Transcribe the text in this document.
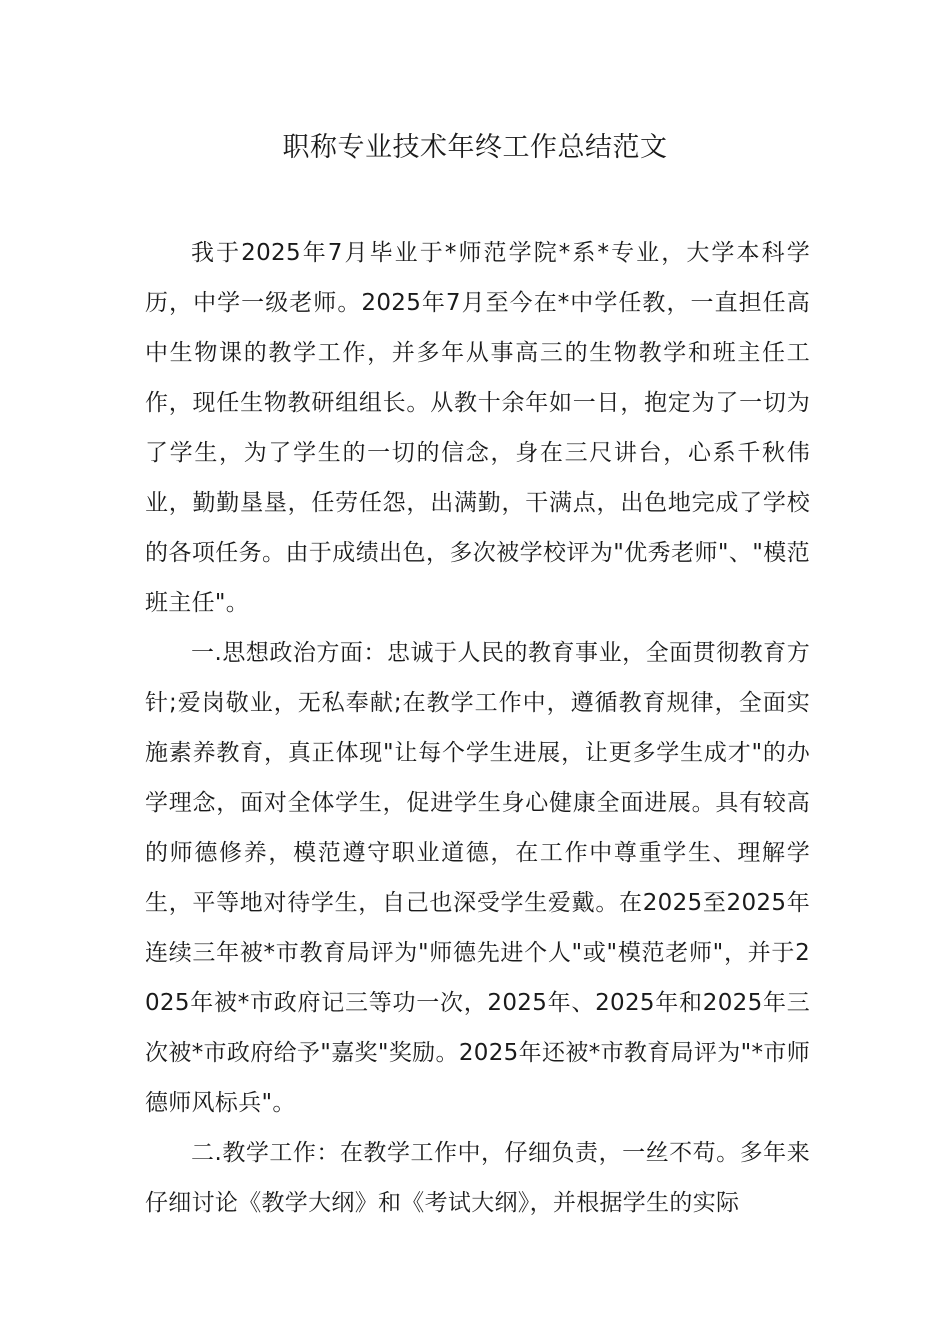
职称专业技术年终工作总结范文

我于2025年7月毕业于*师范学院*系*专业，大学本科学历，中学一级老师。2025年7月至今在*中学任教，一直担任高中生物课的教学工作，并多年从事高三的生物教学和班主任工作，现任生物教研组组长。从教十余年如一日，抱定为了一切为了学生，为了学生的一切的信念，身在三尺讲台，心系千秋伟业，勤勤垦垦，任劳任怨，出满勤，干满点，出色地完成了学校的各项任务。由于成绩出色，多次被学校评为"优秀老师"、"模范班主任"。

一.思想政治方面：忠诚于人民的教育事业，全面贯彻教育方针;爱岗敬业，无私奉献;在教学工作中，遵循教育规律，全面实施素养教育，真正体现"让每个学生进展，让更多学生成才"的办学理念，面对全体学生，促进学生身心健康全面进展。具有较高的师德修养，模范遵守职业道德，在工作中尊重学生、理解学生，平等地对待学生，自己也深受学生爱戴。在2025至2025年连续三年被*市教育局评为"师德先进个人"或"模范老师"，并于2025年被*市政府记三等功一次，2025年、2025年和2025年三次被*市政府给予"嘉奖"奖励。2025年还被*市教育局评为"*市师德师风标兵"。

二.教学工作：在教学工作中，仔细负责，一丝不苟。多年来仔细讨论《教学大纲》和《考试大纲》，并根据学生的实际
